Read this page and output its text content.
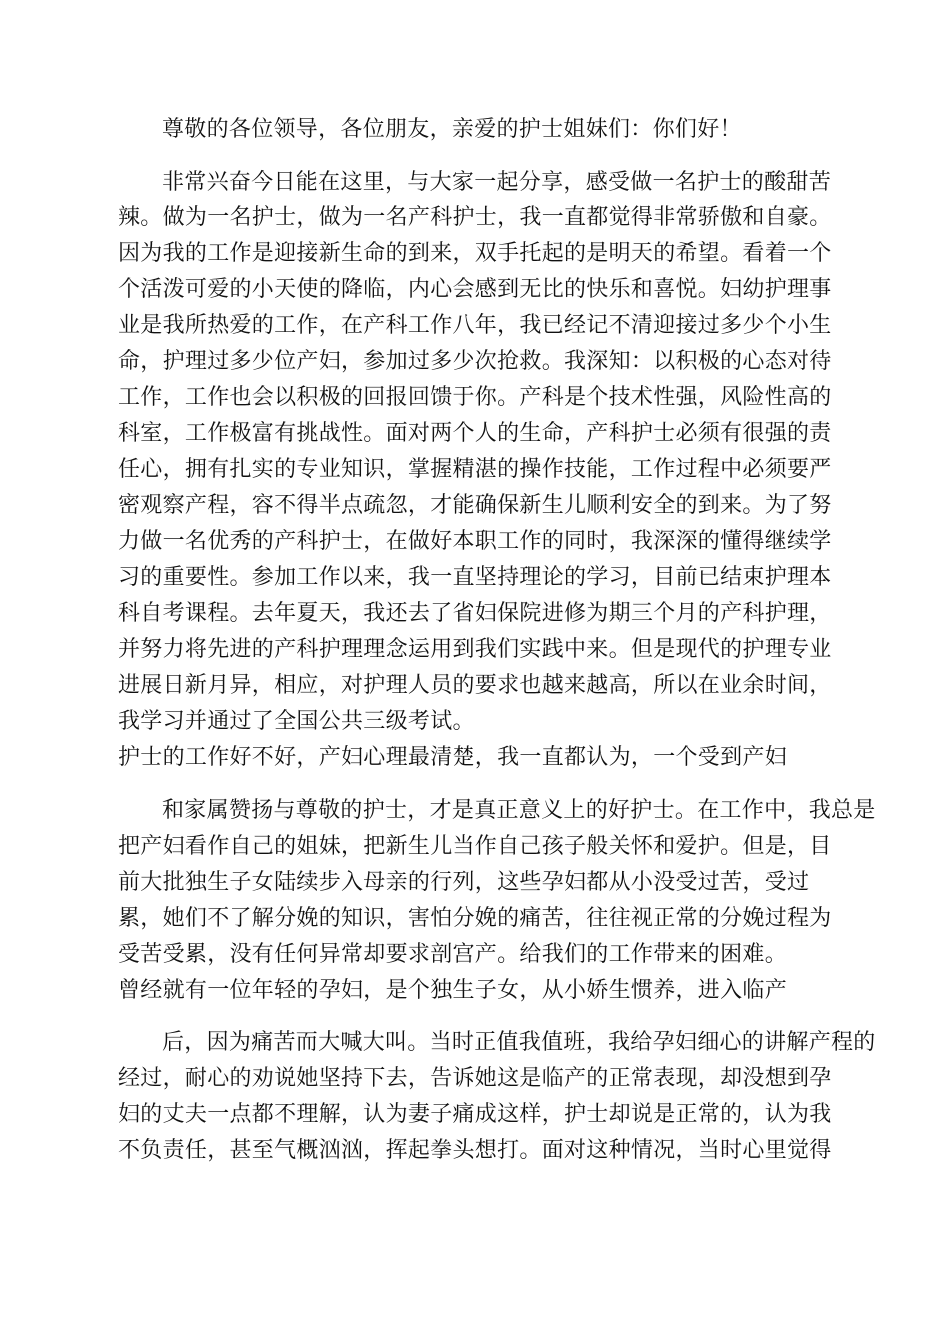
尊敬的各位领导，各位朋友，亲爱的护士姐妹们：你们好！
非常兴奋今日能在这里，与大家一起分享，感受做一名护士的酸甜苦
辣。做为一名护士，做为一名产科护士，我一直都觉得非常骄傲和自豪。
因为我的工作是迎接新生命的到来，双手托起的是明天的希望。看着一个
个活泼可爱的小天使的降临，内心会感到无比的快乐和喜悦。妇幼护理事
业是我所热爱的工作，在产科工作八年，我已经记不清迎接过多少个小生
命，护理过多少位产妇，参加过多少次抢救。我深知：以积极的心态对待
工作，工作也会以积极的回报回馈于你。产科是个技术性强，风险性高的
科室，工作极富有挑战性。面对两个人的生命，产科护士必须有很强的责
任心，拥有扎实的专业知识，掌握精湛的操作技能，工作过程中必须要严
密观察产程，容不得半点疏忽，才能确保新生儿顺利安全的到来。为了努
力做一名优秀的产科护士，在做好本职工作的同时，我深深的懂得继续学
习的重要性。参加工作以来，我一直坚持理论的学习，目前已结束护理本
科自考课程。去年夏天，我还去了省妇保院进修为期三个月的产科护理，
并努力将先进的产科护理理念运用到我们实践中来。但是现代的护理专业
进展日新月异，相应，对护理人员的要求也越来越高，所以在业余时间，
我学习并通过了全国公共三级考试。
护士的工作好不好，产妇心理最清楚，我一直都认为，一个受到产妇
和家属赞扬与尊敬的护士，才是真正意义上的好护士。在工作中，我总是
把产妇看作自己的姐妹，把新生儿当作自己孩子般关怀和爱护。但是，目
前大批独生子女陆续步入母亲的行列，这些孕妇都从小没受过苦，受过
累，她们不了解分娩的知识，害怕分娩的痛苦，往往视正常的分娩过程为
受苦受累，没有任何异常却要求剖宫产。给我们的工作带来的困难。
曾经就有一位年轻的孕妇，是个独生子女，从小娇生惯养，进入临产
后，因为痛苦而大喊大叫。当时正值我值班，我给孕妇细心的讲解产程的
经过，耐心的劝说她坚持下去，告诉她这是临产的正常表现，却没想到孕
妇的丈夫一点都不理解，认为妻子痛成这样，护士却说是正常的，认为我
不负责任，甚至气概汹汹，挥起拳头想打。面对这种情况，当时心里觉得
